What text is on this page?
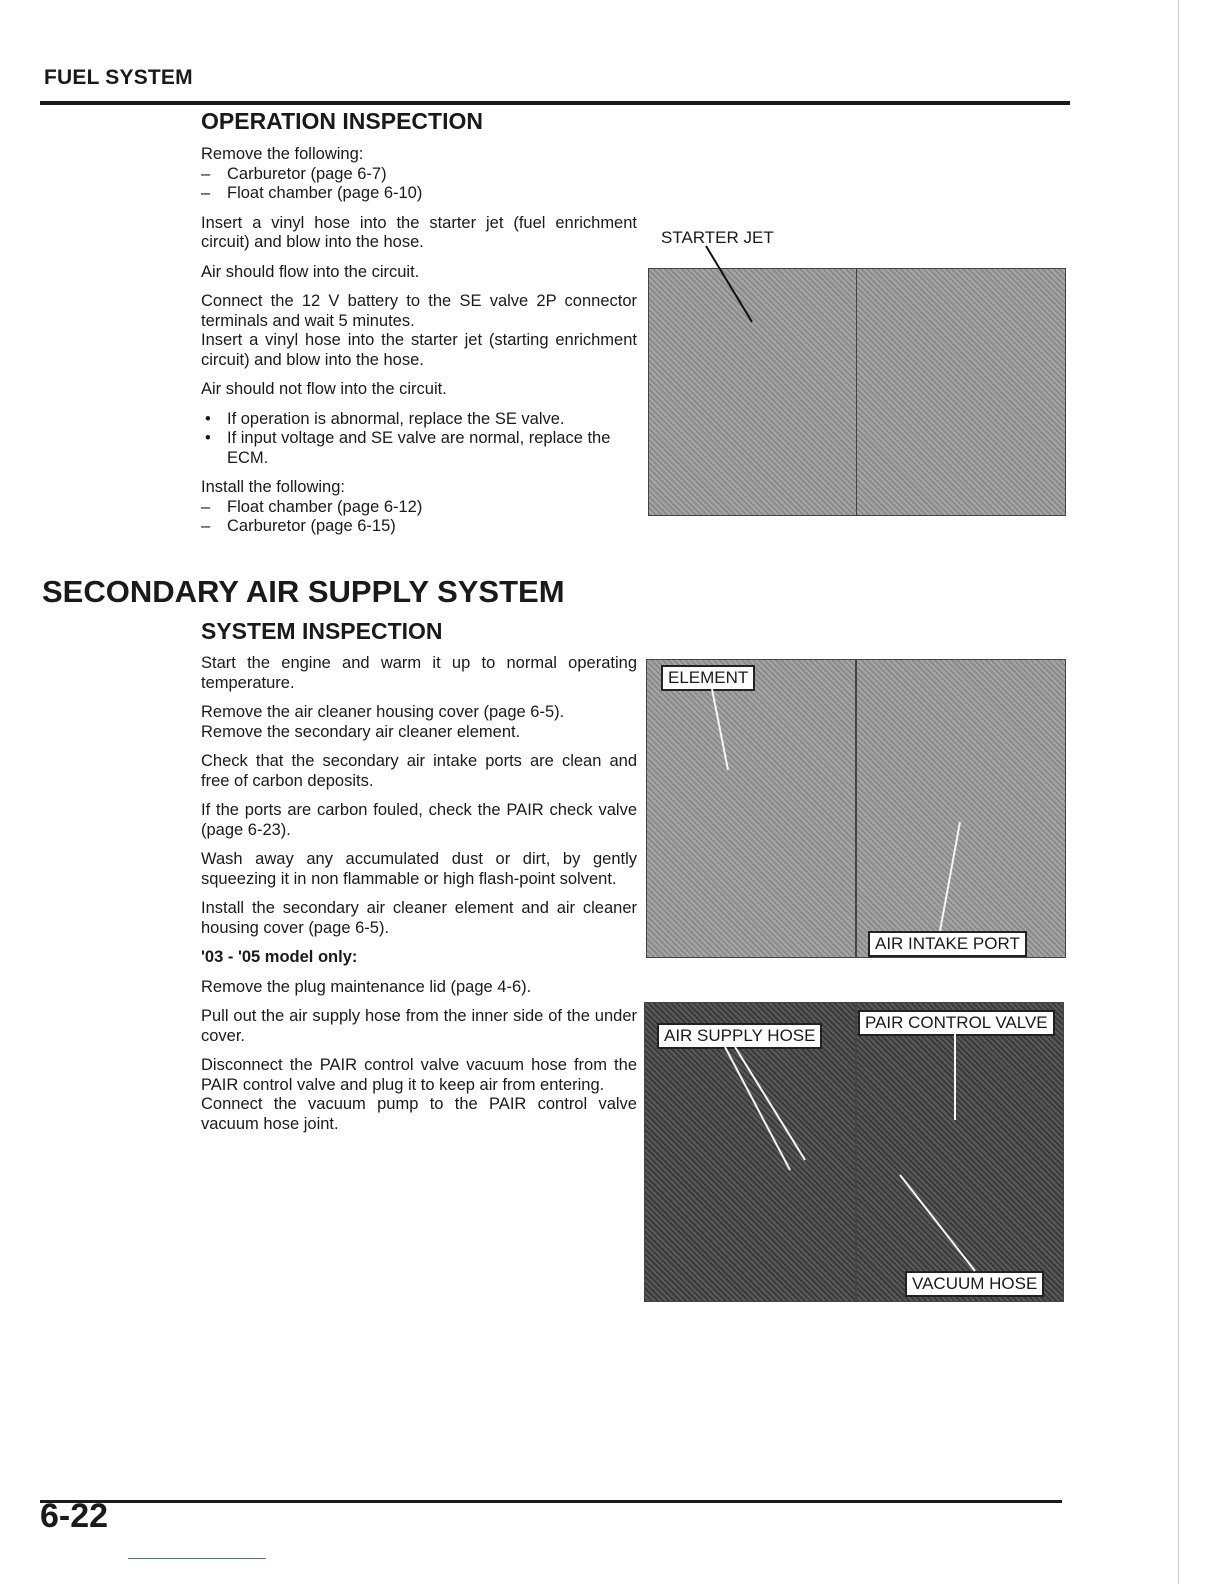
FUEL SYSTEM
OPERATION INSPECTION
Remove the following:
– Carburetor (page 6-7)
– Float chamber (page 6-10)

Insert a vinyl hose into the starter jet (fuel enrichment circuit) and blow into the hose.

Air should flow into the circuit.

Connect the 12 V battery to the SE valve 2P connector terminals and wait 5 minutes.
Insert a vinyl hose into the starter jet (starting enrichment circuit) and blow into the hose.

Air should not flow into the circuit.

• If operation is abnormal, replace the SE valve.
• If input voltage and SE valve are normal, replace the ECM.
Install the following:
– Float chamber (page 6-12)
– Carburetor (page 6-15)
STARTER JET
SECONDARY AIR SUPPLY SYSTEM
SYSTEM INSPECTION

Start the engine and warm it up to normal operating temperature.

Remove the air cleaner housing cover (page 6-5).
Remove the secondary air cleaner element.

Check that the secondary air intake ports are clean and free of carbon deposits.

If the ports are carbon fouled, check the PAIR check valve (page 6-23).

Wash away any accumulated dust or dirt, by gently squeezing it in non flammable or high flash-point solvent.

Install the secondary air cleaner element and air cleaner housing cover (page 6-5).

'03 - '05 model only:

Remove the plug maintenance lid (page 4-6).

Pull out the air supply hose from the inner side of the under cover.

Disconnect the PAIR control valve vacuum hose from the PAIR control valve and plug it to keep air from entering.
Connect the vacuum pump to the PAIR control valve vacuum hose joint.
ELEMENT
AIR INTAKE PORT
AIR SUPPLY HOSE
PAIR CONTROL VALVE
VACUUM HOSE
6-22
